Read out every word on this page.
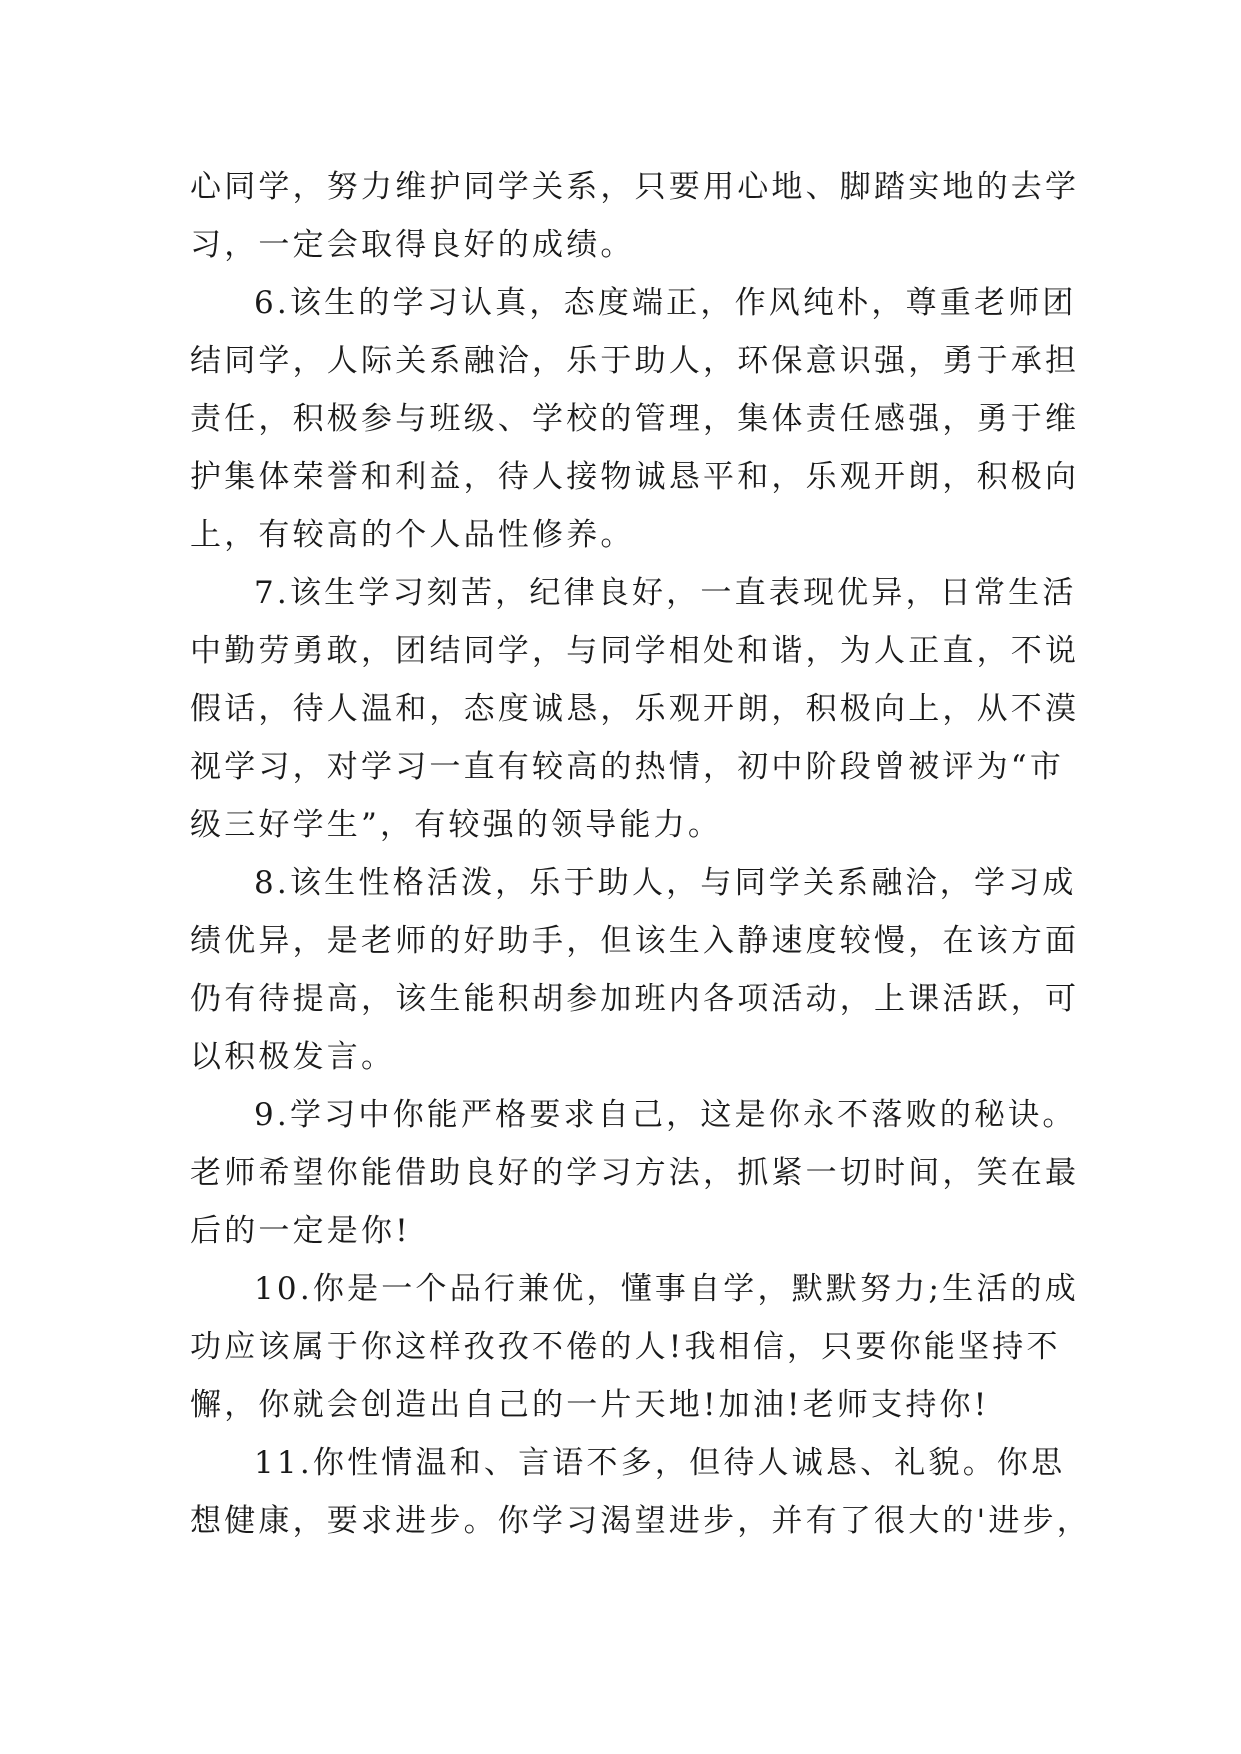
心同学，努力维护同学关系，只要用心地、脚踏实地的去学
习，一定会取得良好的成绩。
6.该生的学习认真，态度端正，作风纯朴，尊重老师团
结同学，人际关系融洽，乐于助人，环保意识强，勇于承担
责任，积极参与班级、学校的管理，集体责任感强，勇于维
护集体荣誉和利益，待人接物诚恳平和，乐观开朗，积极向
上，有较高的个人品性修养。
7.该生学习刻苦，纪律良好，一直表现优异，日常生活
中勤劳勇敢，团结同学，与同学相处和谐，为人正直，不说
假话，待人温和，态度诚恳，乐观开朗，积极向上，从不漠
视学习，对学习一直有较高的热情，初中阶段曾被评为“市
级三好学生”，有较强的领导能力。
8.该生性格活泼，乐于助人，与同学关系融洽，学习成
绩优异，是老师的好助手，但该生入静速度较慢，在该方面
仍有待提高，该生能积胡参加班内各项活动，上课活跃，可
以积极发言。
9.学习中你能严格要求自己，这是你永不落败的秘诀。
老师希望你能借助良好的学习方法，抓紧一切时间，笑在最
后的一定是你!
10.你是一个品行兼优，懂事自学，默默努力;生活的成
功应该属于你这样孜孜不倦的人!我相信，只要你能坚持不
懈，你就会创造出自己的一片天地!加油!老师支持你!
11.你性情温和、言语不多，但待人诚恳、礼貌。你思
想健康，要求进步。你学习渴望进步，并有了很大的'进步，
